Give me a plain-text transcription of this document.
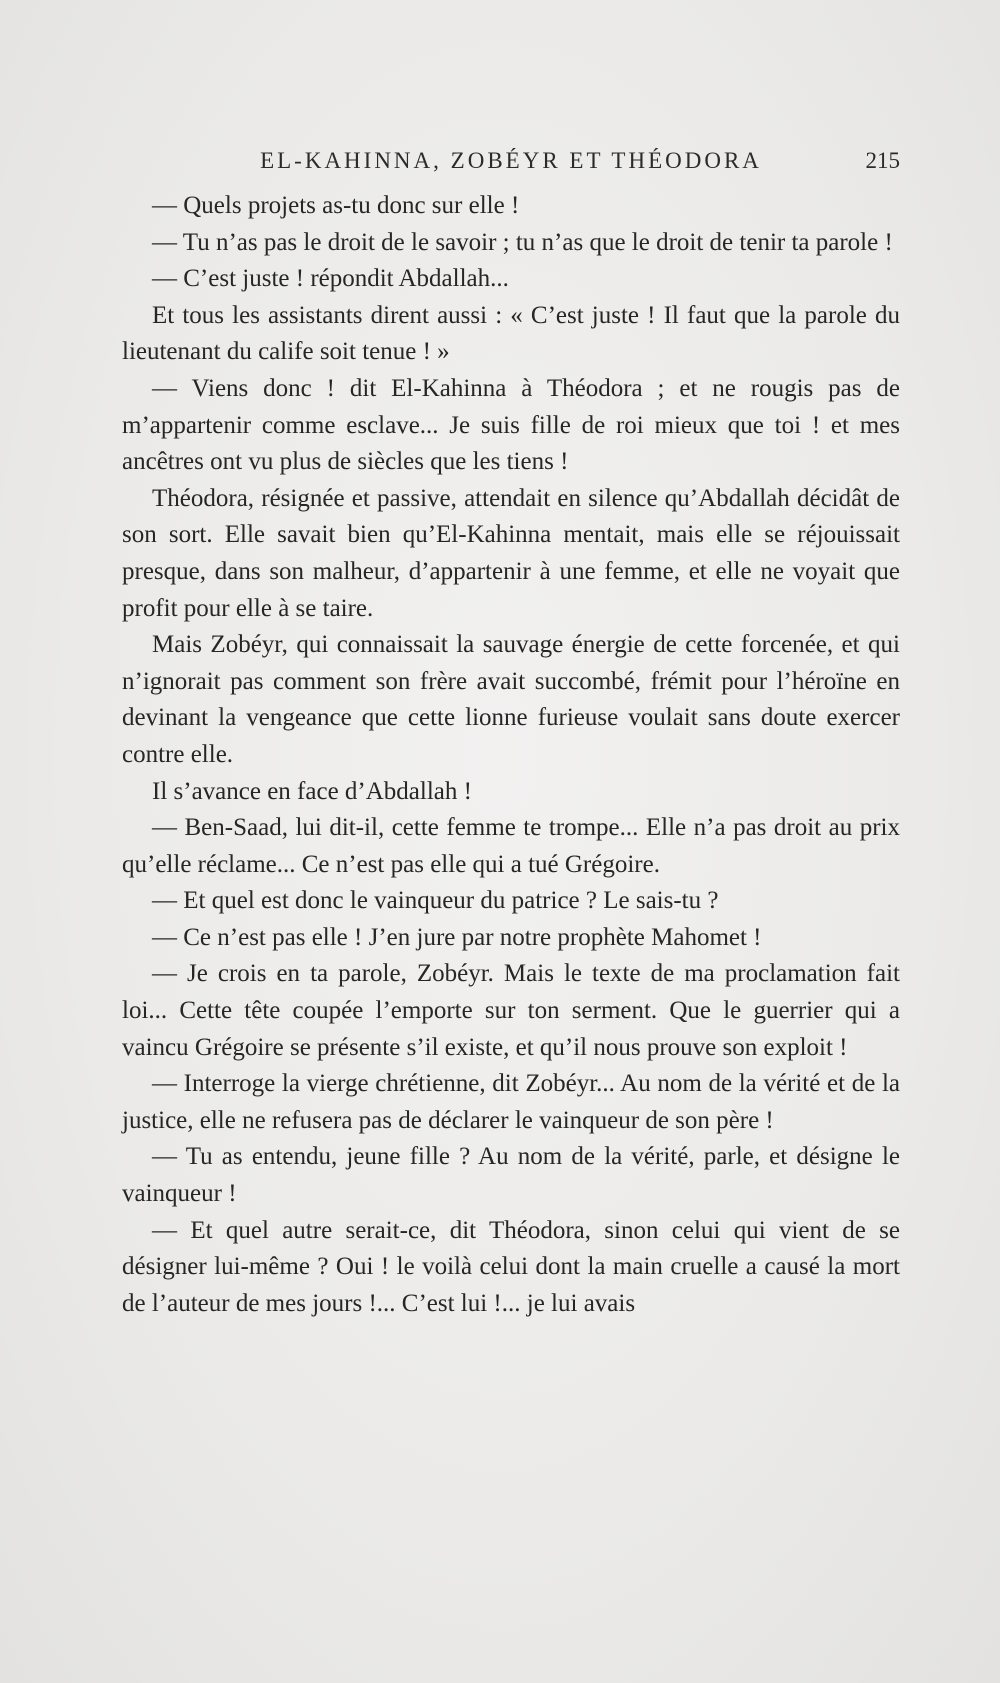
EL-KAHINNA, ZOBÉYR ET THÉODORA	215

— Quels projets as-tu donc sur elle !

— Tu n’as pas le droit de le savoir ; tu n’as que le droit de tenir ta parole !

— C’est juste ! répondit Abdallah...

Et tous les assistants dirent aussi : « C’est juste ! Il faut que la parole du lieutenant du calife soit tenue ! »

— Viens donc ! dit El-Kahinna à Théodora ; et ne rougis pas de m’appartenir comme esclave... Je suis fille de roi mieux que toi ! et mes ancêtres ont vu plus de siècles que les tiens !

Théodora, résignée et passive, attendait en silence qu’Abdallah décidât de son sort. Elle savait bien qu’El-Kahinna mentait, mais elle se réjouissait presque, dans son malheur, d’appartenir à une femme, et elle ne voyait que profit pour elle à se taire.

Mais Zobéyr, qui connaissait la sauvage énergie de cette forcenée, et qui n’ignorait pas comment son frère avait succombé, frémit pour l’héroïne en devinant la vengeance que cette lionne furieuse voulait sans doute exercer contre elle.

Il s’avance en face d’Abdallah !

— Ben-Saad, lui dit-il, cette femme te trompe... Elle n’a pas droit au prix qu’elle réclame... Ce n’est pas elle qui a tué Grégoire.

— Et quel est donc le vainqueur du patrice ? Le sais-tu ?

— Ce n’est pas elle ! J’en jure par notre prophète Mahomet !

— Je crois en ta parole, Zobéyr. Mais le texte de ma proclamation fait loi... Cette tête coupée l’emporte sur ton serment. Que le guerrier qui a vaincu Grégoire se présente s’il existe, et qu’il nous prouve son exploit !

— Interroge la vierge chrétienne, dit Zobéyr... Au nom de la vérité et de la justice, elle ne refusera pas de déclarer le vainqueur de son père !

— Tu as entendu, jeune fille ? Au nom de la vérité, parle, et désigne le vainqueur !

— Et quel autre serait-ce, dit Théodora, sinon celui qui vient de se désigner lui-même ? Oui ! le voilà celui dont la main cruelle a causé la mort de l’auteur de mes jours !... C’est lui !... je lui avais
